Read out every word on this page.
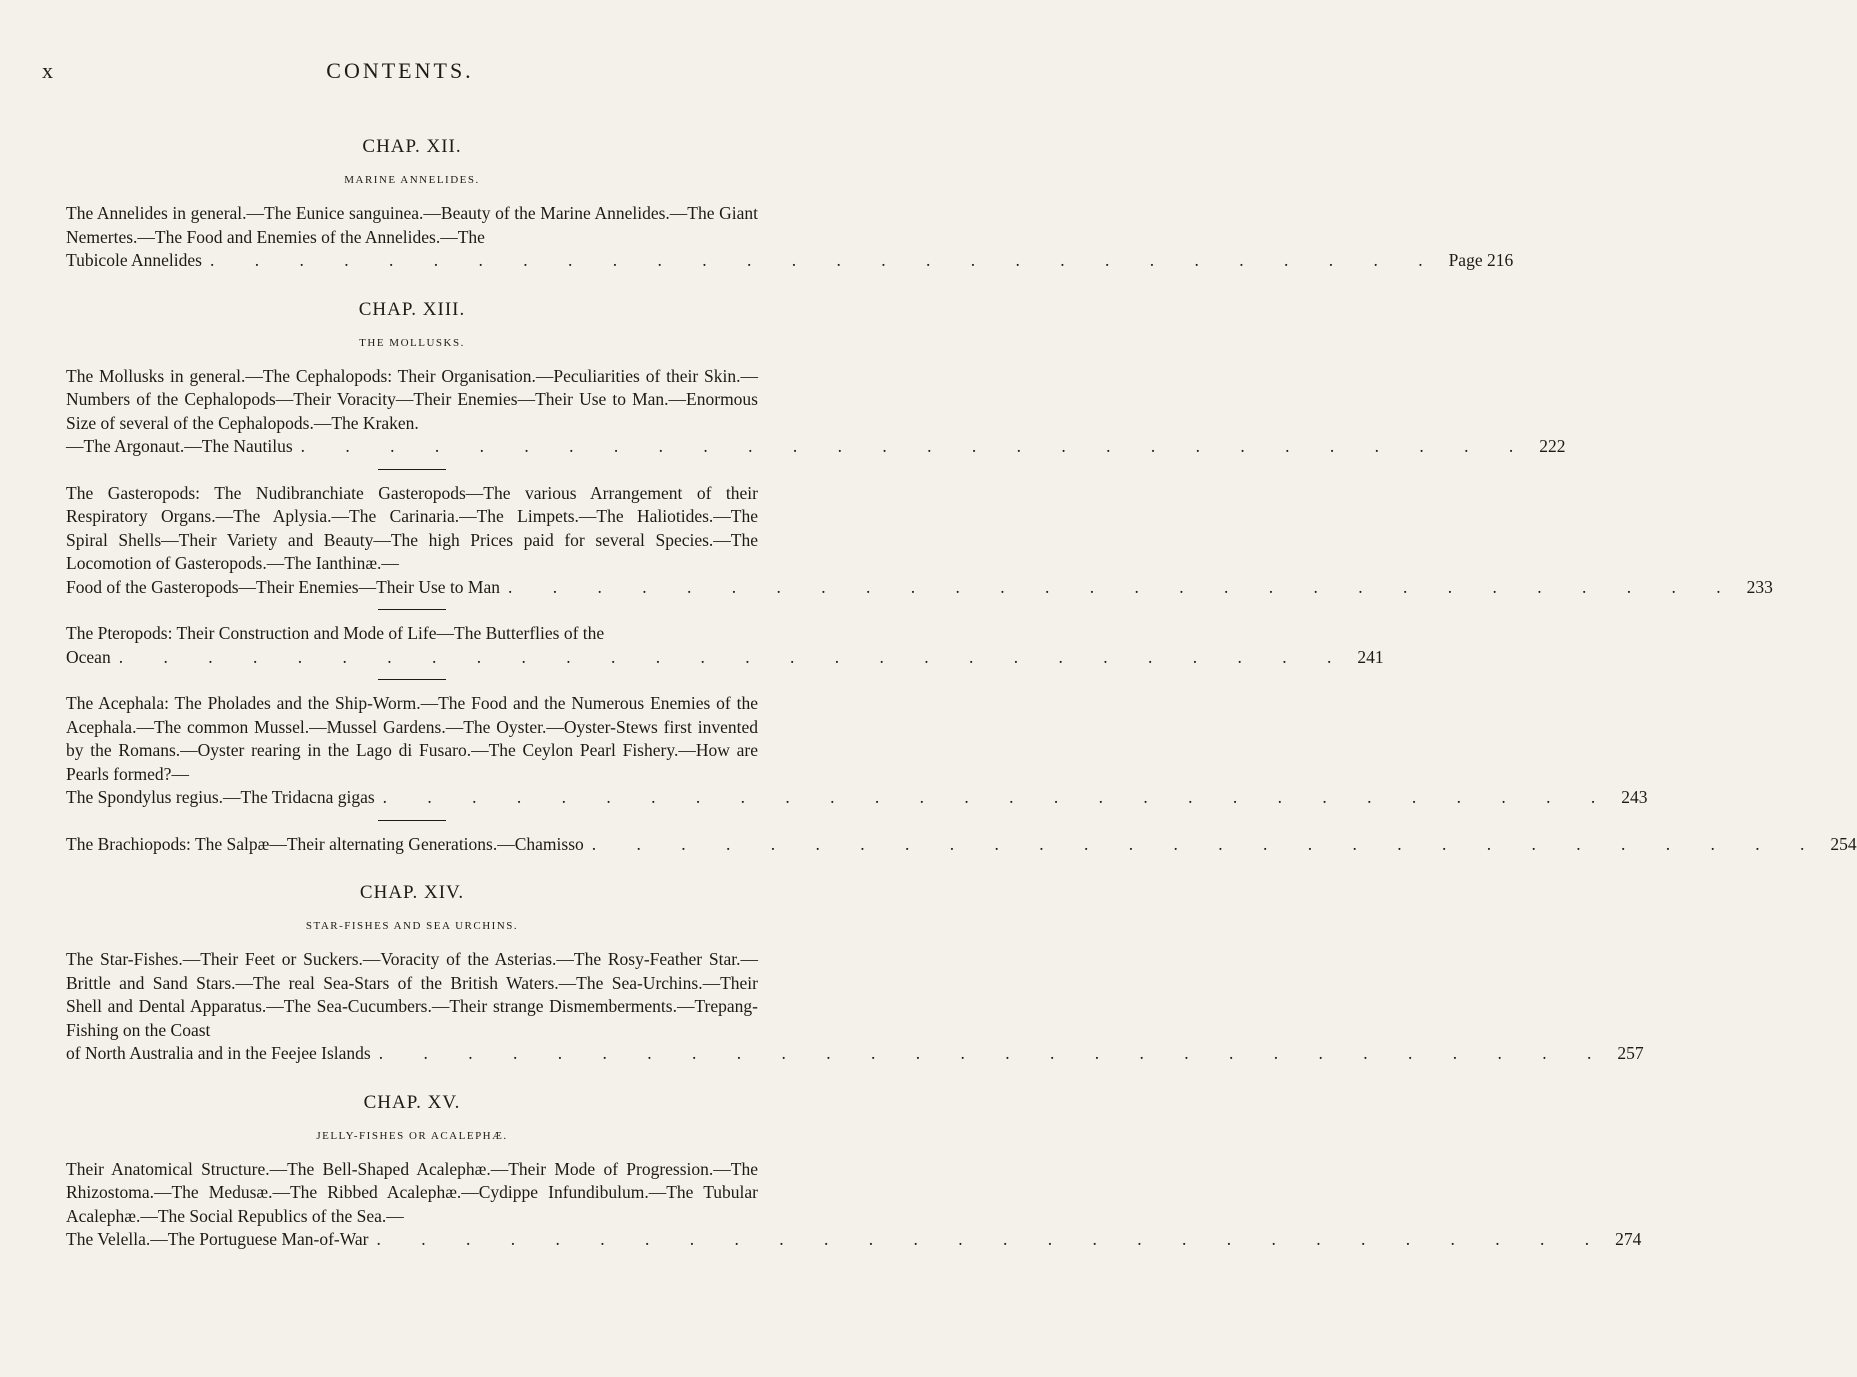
x	CONTENTS.
CHAP. XII.
MARINE ANNELIDES.
The Annelides in general.—The Eunice sanguinea.—Beauty of the Marine Annelides.—The Giant Nemertes.—The Food and Enemies of the Annelides.—The
Tubicole Annelides . . . . . . . . . . . . . . . . . . . . . . . . . . . . Page 216
CHAP. XIII.
THE MOLLUSKS.
The Mollusks in general.—The Cephalopods: Their Organisation.—Peculiarities of their Skin.—Numbers of the Cephalopods—Their Voracity—Their Enemies—Their Use to Man.—Enormous Size of several of the Cephalopods.—The Kraken.
—The Argonaut.—The Nautilus . . . . . . . . . . . . . . . . . . . . . . . . . . . . 222
The Gasteropods: The Nudibranchiate Gasteropods—The various Arrangement of their Respiratory Organs.—The Aplysia.—The Carinaria.—The Limpets.—The Haliotides.—The Spiral Shells—Their Variety and Beauty—The high Prices paid for several Species.—The Locomotion of Gasteropods.—The Ianthinæ.—
Food of the Gasteropods—Their Enemies—Their Use to Man . . . . . . . . . . . . . . . . . . . . . . . . . . . . 233
The Pteropods: Their Construction and Mode of Life—The Butterflies of the
Ocean . . . . . . . . . . . . . . . . . . . . . . . . . . . . 241
The Acephala: The Pholades and the Ship-Worm.—The Food and the Numerous Enemies of the Acephala.—The common Mussel.—Mussel Gardens.—The Oyster.—Oyster-Stews first invented by the Romans.—Oyster rearing in the Lago di Fusaro.—The Ceylon Pearl Fishery.—How are Pearls formed?—
The Spondylus regius.—The Tridacna gigas . . . . . . . . . . . . . . . . . . . . . . . . . . . . 243
The Brachiopods: The Salpæ—Their alternating Generations.—Chamisso . . . . . . . . . . . . . . . . . . . . . . . . . . . . 254
CHAP. XIV.
STAR-FISHES AND SEA URCHINS.
The Star-Fishes.—Their Feet or Suckers.—Voracity of the Asterias.—The Rosy-Feather Star.—Brittle and Sand Stars.—The real Sea-Stars of the British Waters.—The Sea-Urchins.—Their Shell and Dental Apparatus.—The Sea-Cucumbers.—Their strange Dismemberments.—Trepang-Fishing on the Coast
of North Australia and in the Feejee Islands . . . . . . . . . . . . . . . . . . . . . . . . . . . . 257
CHAP. XV.
JELLY-FISHES OR ACALEPHÆ.
Their Anatomical Structure.—The Bell-Shaped Acalephæ.—Their Mode of Progression.—The Rhizostoma.—The Medusæ.—The Ribbed Acalephæ.—Cydippe Infundibulum.—The Tubular Acalephæ.—The Social Republics of the Sea.—
The Velella.—The Portuguese Man-of-War . . . . . . . . . . . . . . . . . . . . . . . . . . . . 274
